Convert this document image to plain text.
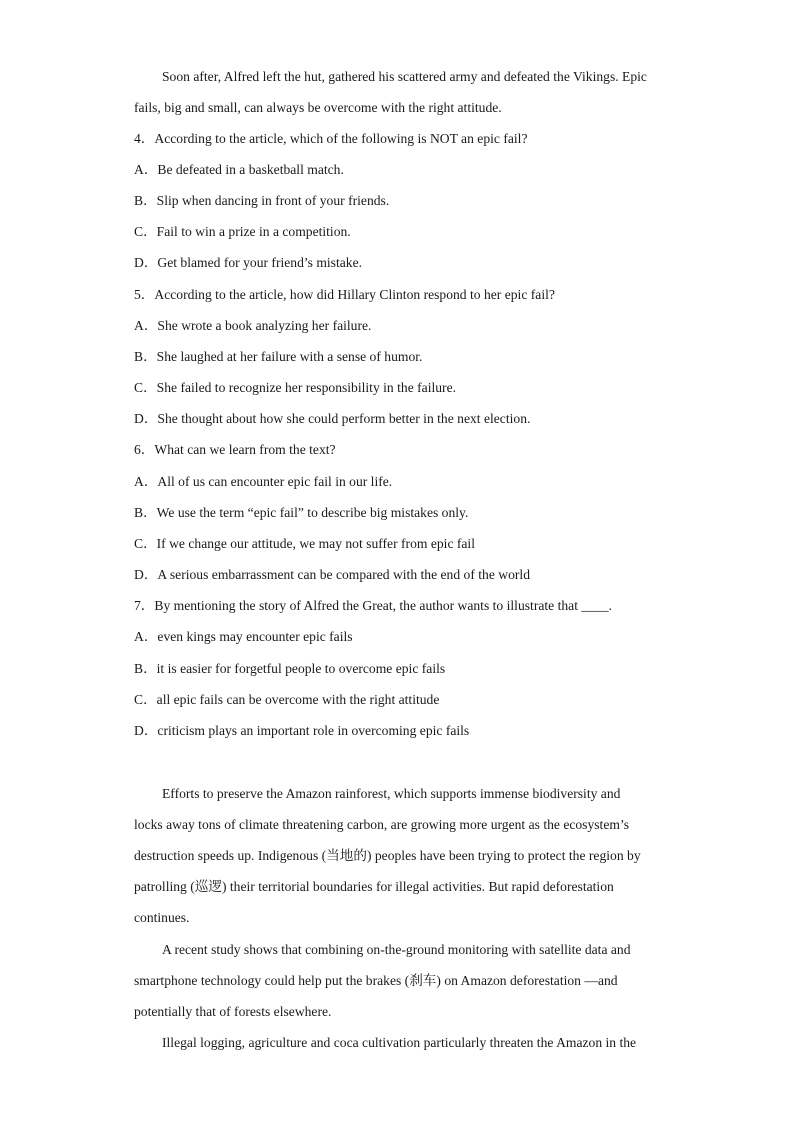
Soon after, Alfred left the hut, gathered his scattered army and defeated the Vikings. Epic

fails, big and small, can always be overcome with the right attitude.

4．According to the article, which of the following is NOT an epic fail?

A．Be defeated in a basketball match.

B．Slip when dancing in front of your friends.

C．Fail to win a prize in a competition.

D．Get blamed for your friend’s mistake.

5．According to the article, how did Hillary Clinton respond to her epic fail?

A．She wrote a book analyzing her failure.

B．She laughed at her failure with a sense of humor.

C．She failed to recognize her responsibility in the failure.

D．She thought about how she could perform better in the next election.

6．What can we learn from the text?

A．All of us can encounter epic fail in our life.

B．We use the term “epic fail” to describe big mistakes only.

C．If we change our attitude, we may not suffer from epic fail

D．A serious embarrassment can be compared with the end of the world

7．By mentioning the story of Alfred the Great, the author wants to illustrate that ____.

A．even kings may encounter epic fails

B．it is easier for forgetful people to overcome epic fails

C．all epic fails can be overcome with the right attitude

D．criticism plays an important role in overcoming epic fails

Efforts to preserve the Amazon rainforest, which supports immense biodiversity and

locks away tons of climate threatening carbon, are growing more urgent as the ecosystem’s

destruction speeds up. Indigenous (当地的) peoples have been trying to protect the region by

patrolling (巡逻) their territorial boundaries for illegal activities. But rapid deforestation

continues.

A recent study shows that combining on-the-ground monitoring with satellite data and

smartphone technology could help put the brakes (刹车) on Amazon deforestation —and

potentially that of forests elsewhere.

Illegal logging, agriculture and coca cultivation particularly threaten the Amazon in the
